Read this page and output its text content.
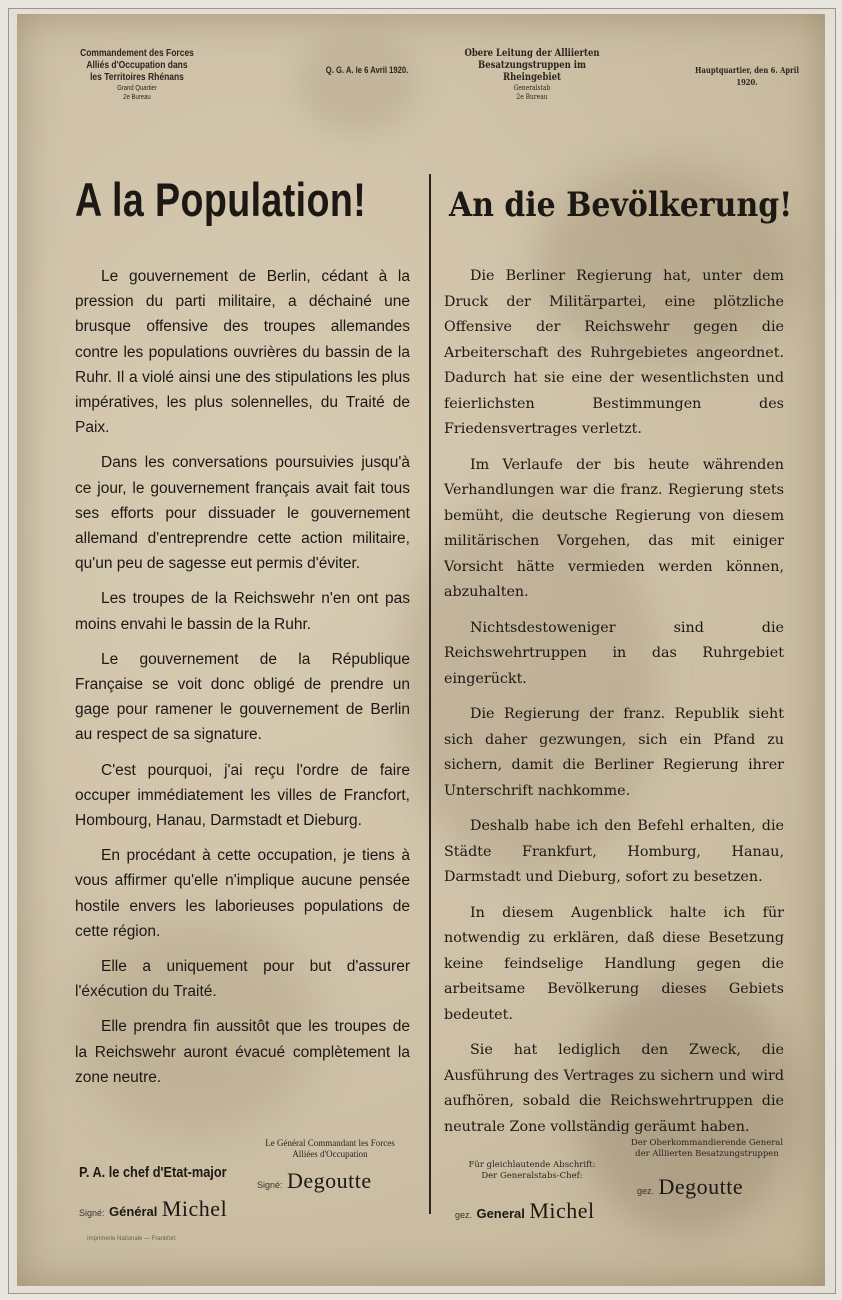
Commandement des Forces
Alliés d'Occupation dans
les Territoires Rhénans
Grand Quartier
2e Bureau
Q. G. A. le 6 Avril 1920.
Obere Leitung der Alliierten
Besatzungstruppen im Rheingebiet
Generalstab
2e Bureau
Hauptquartier, den 6. April 1920.
A la Population! An die Bevölkerung!

Le gouvernement de Berlin, cédant à la pression du parti militaire, a déchainé une brusque offensive des troupes allemandes contre les populations ouvrières du bassin de la Ruhr. Il a violé ainsi une des stipulations les plus impératives, les plus solennelles, du Traité de Paix.

Dans les conversations poursuivies jusqu'à ce jour, le gouvernement français avait fait tous ses efforts pour dissuader le gouvernement allemand d'entreprendre cette action militaire, qu'un peu de sagesse eut permis d'éviter.

Les troupes de la Reichswehr n'en ont pas moins envahi le bassin de la Ruhr.

Le gouvernement de la République Française se voit donc obligé de prendre un gage pour ramener le gouvernement de Berlin au respect de sa signature.

C'est pourquoi, j'ai reçu l'ordre de faire occuper immédiatement les villes de Francfort, Hombourg, Hanau, Darmstadt et Dieburg.

En procédant à cette occupation, je tiens à vous affirmer qu'elle n'implique aucune pensée hostile envers les laborieuses populations de cette région.

Elle a uniquement pour but d'assurer l'éxécution du Traité.

Elle prendra fin aussitôt que les troupes de la Reichswehr auront évacué complètement la zone neutre.

Die Berliner Regierung hat, unter dem Druck der Militärpartei, eine plötzliche Offensive der Reichswehr gegen die Arbeiterschaft des Ruhrgebietes angeordnet. Dadurch hat sie eine der wesentlichsten und feierlichsten Bestimmungen des Friedensvertrages verletzt.

Im Verlaufe der bis heute währenden Verhandlungen war die franz. Regierung stets bemüht, die deutsche Regierung von diesem militärischen Vorgehen, das mit einiger Vorsicht hätte vermieden werden können, abzuhalten.

Nichtsdestoweniger sind die Reichswehrtruppen in das Ruhrgebiet eingerückt.

Die Regierung der franz. Republik sieht sich daher gezwungen, sich ein Pfand zu sichern, damit die Berliner Regierung ihrer Unterschrift nachkomme.

Deshalb habe ich den Befehl erhalten, die Städte Frankfurt, Homburg, Hanau, Darmstadt und Dieburg, sofort zu besetzen.

In diesem Augenblick halte ich für notwendig zu erklären, daß diese Besetzung keine feindselige Handlung gegen die arbeitsame Bevölkerung dieses Gebiets bedeutet.

Sie hat lediglich den Zweck, die Ausführung des Vertrages zu sichern und wird aufhören, sobald die Reichswehrtruppen die neutrale Zone vollständig geräumt haben.

Le Général Commandant les Forces
Alliées d'Occupation
Signé: Degoutte
P. A. le chef d'Etat-major
Signé: Général Michel
Der Oberkommandierende General
der Alliierten Besatzungstruppen
gez. Degoutte
Für gleichlautende Abschrift:
Der Generalstabs-Chef:
gez. General Michel
Imprimerie Nationale — Frankfort
